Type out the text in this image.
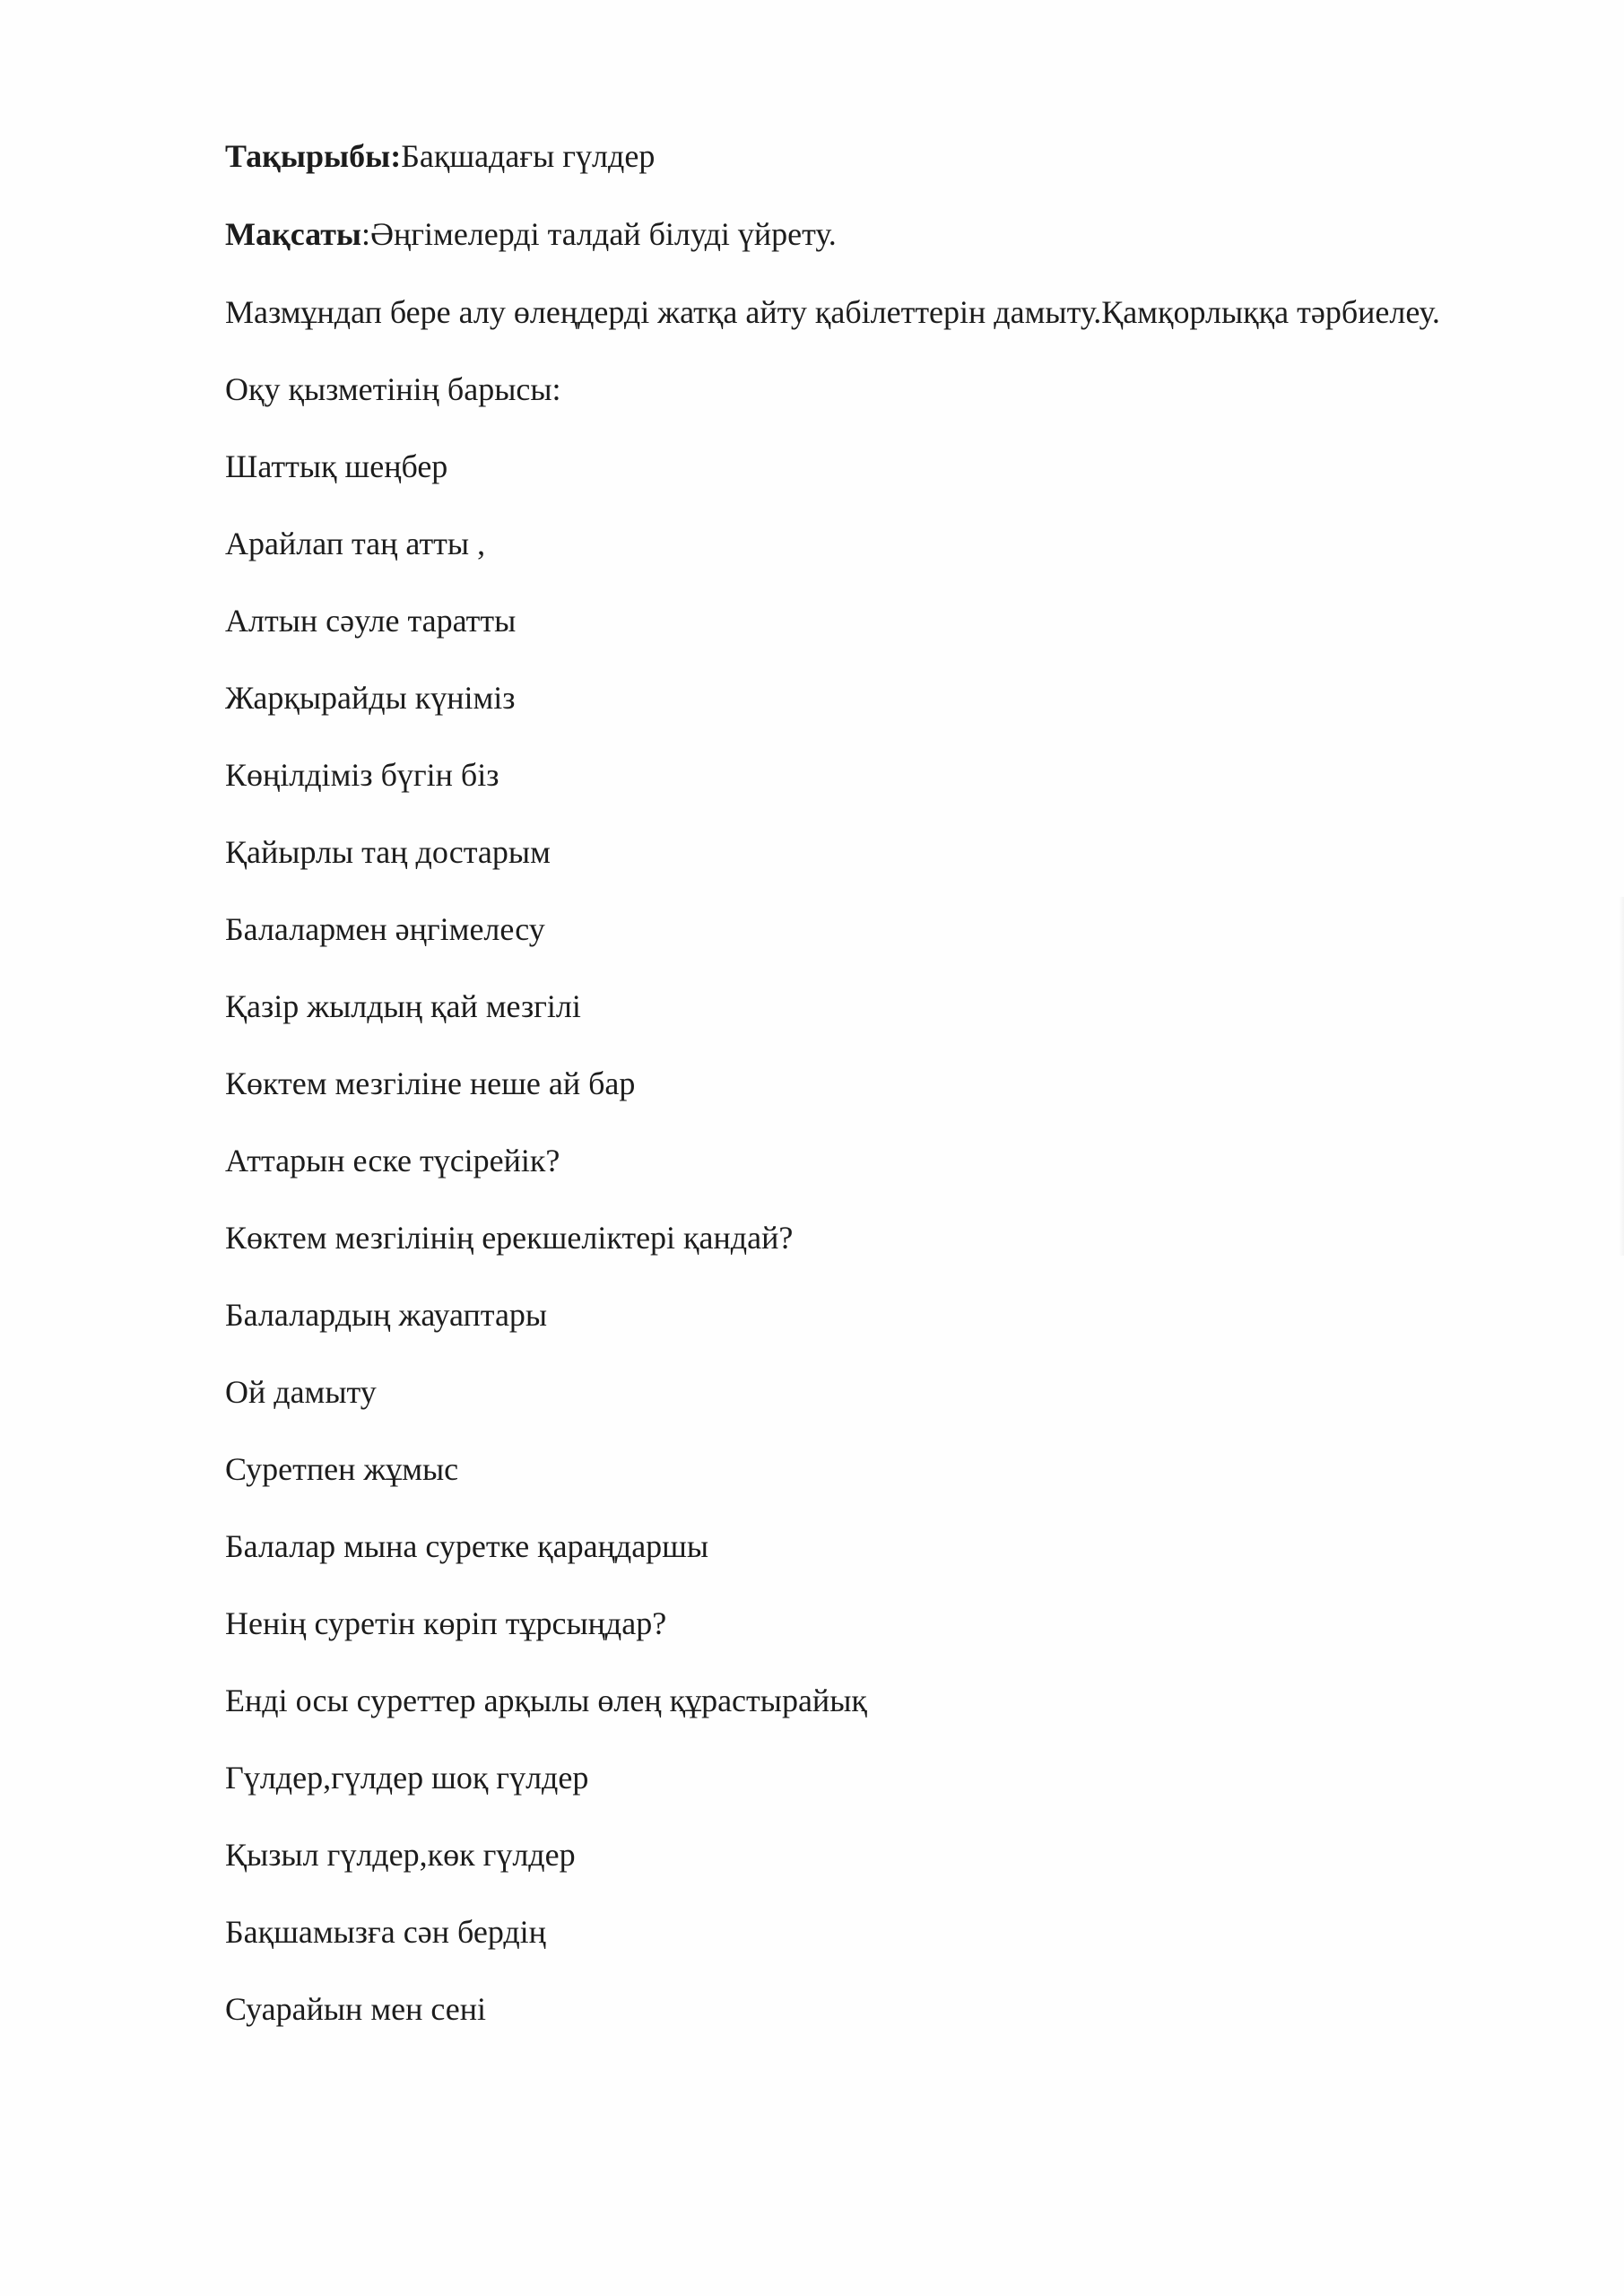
Тақырыбы:Бақшадағы гүлдер

Мақсаты:Әңгімелерді талдай білуді үйрету.

Мазмұндап бере алу өлеңдерді жатқа айту қабілеттерін дамыту.Қамқорлыққа тәрбиелеу.

Оқу қызметінің барысы:

Шаттық шеңбер

Арайлап таң атты ,

Алтын сәуле таратты

Жарқырайды күніміз

Көңілдіміз бүгін біз

Қайырлы таң достарым

Балалармен әңгімелесу

Қазір жылдың қай мезгілі

Көктем мезгіліне неше ай бар

Аттарын еске түсірейік?

Көктем мезгілінің ерекшеліктері қандай?

Балалардың жауаптары

Ой дамыту

Суретпен жұмыс

Балалар мына суретке қараңдаршы

Ненің суретін көріп тұрсыңдар?

Енді осы суреттер арқылы өлең құрастырайық

Гүлдер,гүлдер шоқ гүлдер

Қызыл гүлдер,көк гүлдер

Бақшамызға сән бердің

Суарайын мен сені
